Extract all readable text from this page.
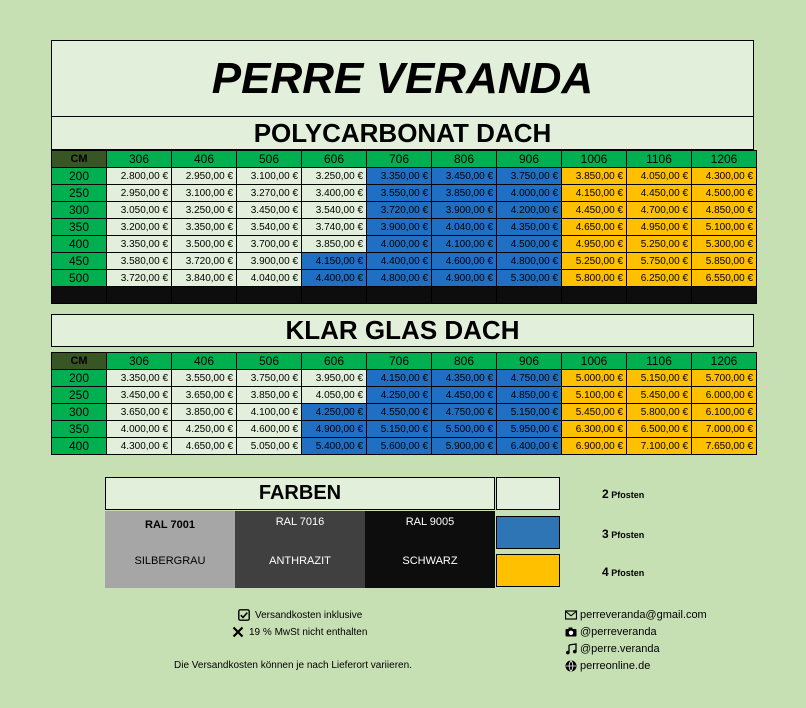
PERRE VERANDA
POLYCARBONAT DACH
CM	306	406	506	606	706	806	906	1006	1106	1206
200	2.800,00 €	2.950,00 €	3.100,00 €	3.250,00 €	3.350,00 €	3.450,00 €	3.750,00 €	3.850,00 €	4.050,00 €	4.300,00 €
250	2.950,00 €	3.100,00 €	3.270,00 €	3.400,00 €	3.550,00 €	3.850,00 €	4.000,00 €	4.150,00 €	4.450,00 €	4.500,00 €
300	3.050,00 €	3.250,00 €	3.450,00 €	3.540,00 €	3.720,00 €	3.900,00 €	4.200,00 €	4.450,00 €	4.700,00 €	4.850,00 €
350	3.200,00 €	3.350,00 €	3.540,00 €	3.740,00 €	3.900,00 €	4.040,00 €	4.350,00 €	4.650,00 €	4.950,00 €	5.100,00 €
400	3.350,00 €	3.500,00 €	3.700,00 €	3.850,00 €	4.000,00 €	4.100,00 €	4.500,00 €	4.950,00 €	5.250,00 €	5.300,00 €
450	3.580,00 €	3.720,00 €	3.900,00 €	4.150,00 €	4.400,00 €	4.600,00 €	4.800,00 €	5.250,00 €	5.750,00 €	5.850,00 €
500	3.720,00 €	3.840,00 €	4.040,00 €	4.400,00 €	4.800,00 €	4.900,00 €	5.300,00 €	5.800,00 €	6.250,00 €	6.550,00 €

KLAR GLAS DACH
CM	306	406	506	606	706	806	906	1006	1106	1206
200	3.350,00 €	3.550,00 €	3.750,00 €	3.950,00 €	4.150,00 €	4.350,00 €	4.750,00 €	5.000,00 €	5.150,00 €	5.700,00 €
250	3.450,00 €	3.650,00 €	3.850,00 €	4.050,00 €	4.250,00 €	4.450,00 €	4.850,00 €	5.100,00 €	5.450,00 €	6.000,00 €
300	3.650,00 €	3.850,00 €	4.100,00 €	4.250,00 €	4.550,00 €	4.750,00 €	5.150,00 €	5.450,00 €	5.800,00 €	6.100,00 €
350	4.000,00 €	4.250,00 €	4.600,00 €	4.900,00 €	5.150,00 €	5.500,00 €	5.950,00 €	6.300,00 €	6.500,00 €	7.000,00 €
400	4.300,00 €	4.650,00 €	5.050,00 €	5.400,00 €	5.600,00 €	5.900,00 €	6.400,00 €	6.900,00 €	7.100,00 €	7.650,00 €
FARBEN
RAL 7001
SILBERGRAU
RAL 7016
ANTHRAZIT
RAL 9005
SCHWARZ
2 Pfosten
3 Pfosten
4 Pfosten
Versandkosten inklusive
19 % MwSt nicht enthalten
Die Versandkosten können je nach Lieferort variieren.
perreveranda@gmail.com
@perreveranda
@perre.veranda
perreonline.de
